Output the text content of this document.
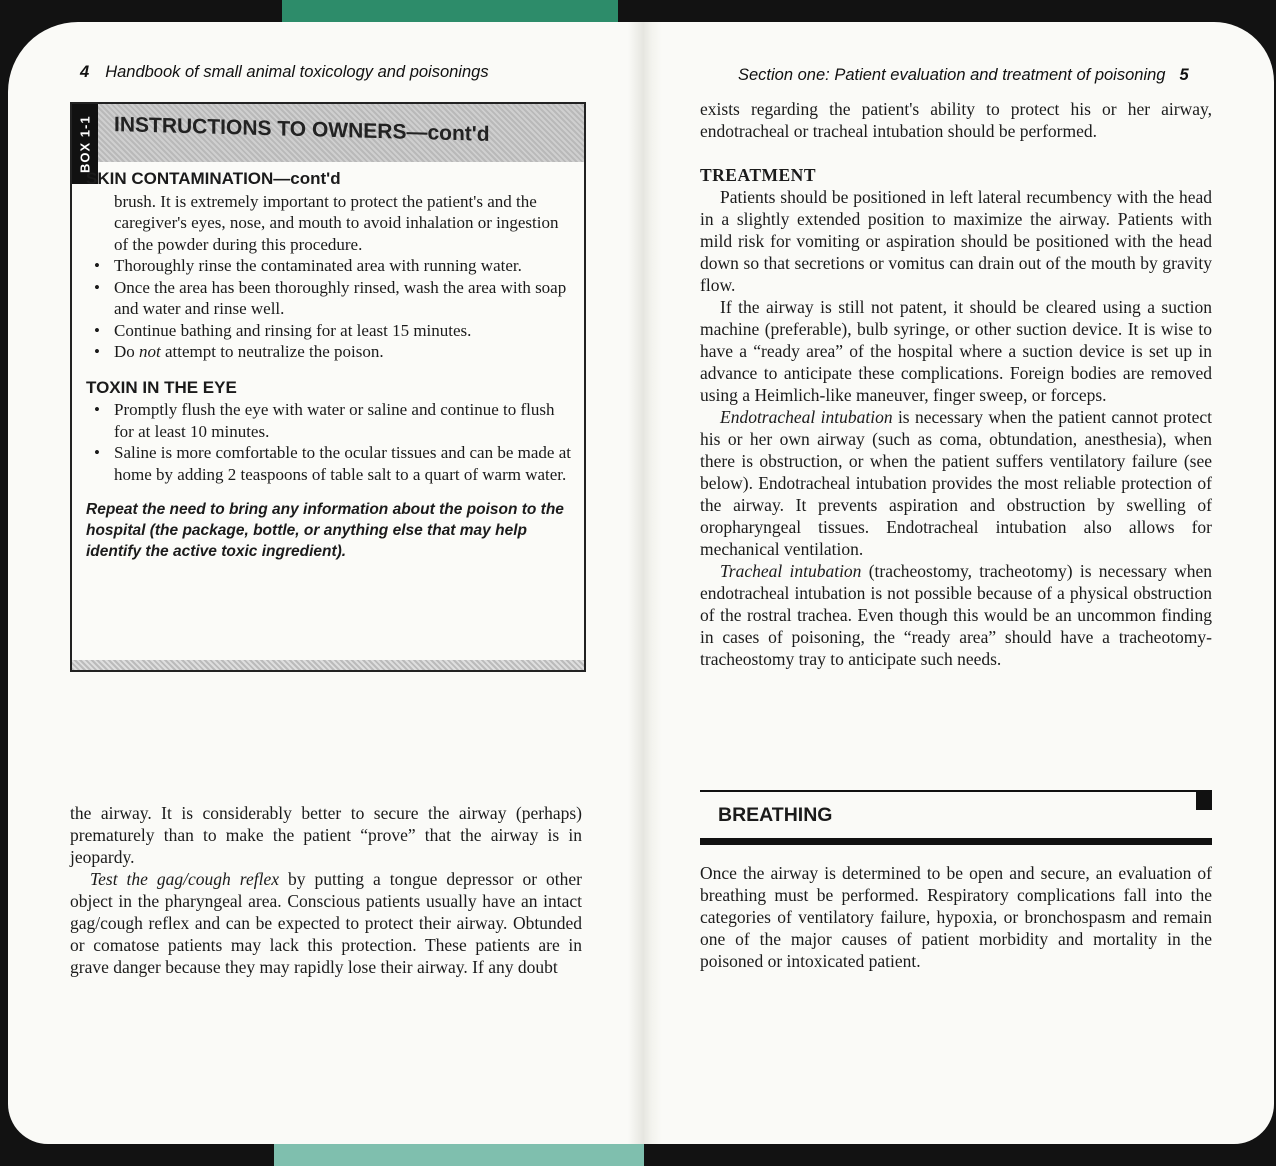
4 Handbook of small animal toxicology and poisonings
INSTRUCTIONS TO OWNERS—cont'd
BOX 1-1
SKIN CONTAMINATION—cont'd

brush. It is extremely important to protect the patient's and the caregiver's eyes, nose, and mouth to avoid inhalation or ingestion of the powder during this procedure.

• Thoroughly rinse the contaminated area with running water.
• Once the area has been thoroughly rinsed, wash the area with soap and water and rinse well.
• Continue bathing and rinsing for at least 15 minutes.
• Do not attempt to neutralize the poison.
TOXIN IN THE EYE
• Promptly flush the eye with water or saline and continue to flush for at least 10 minutes.
• Saline is more comfortable to the ocular tissues and can be made at home by adding 2 teaspoons of table salt to a quart of warm water.

Repeat the need to bring any information about the poison to the hospital (the package, bottle, or anything else that may help identify the active toxic ingredient).

the airway. It is considerably better to secure the airway (perhaps) prematurely than to make the patient “prove” that the airway is in jeopardy.

Test the gag/cough reflex by putting a tongue depressor or other object in the pharyngeal area. Conscious patients usually have an intact gag/cough reflex and can be expected to protect their airway. Obtunded or comatose patients may lack this protection. These patients are in grave danger because they may rapidly lose their airway. If any doubt

Section one: Patient evaluation and treatment of poisoning 5

exists regarding the patient's ability to protect his or her airway, endotracheal or tracheal intubation should be performed.

TREATMENT

Patients should be positioned in left lateral recumbency with the head in a slightly extended position to maximize the airway. Patients with mild risk for vomiting or aspiration should be positioned with the head down so that secretions or vomitus can drain out of the mouth by gravity flow.

If the airway is still not patent, it should be cleared using a suction machine (preferable), bulb syringe, or other suction device. It is wise to have a “ready area” of the hospital where a suction device is set up in advance to anticipate these complications. Foreign bodies are removed using a Heimlich-like maneuver, finger sweep, or forceps.

Endotracheal intubation is necessary when the patient cannot protect his or her own airway (such as coma, obtundation, anesthesia), when there is obstruction, or when the patient suffers ventilatory failure (see below). Endotracheal intubation provides the most reliable protection of the airway. It prevents aspiration and obstruction by swelling of oropharyngeal tissues. Endotracheal intubation also allows for mechanical ventilation.

Tracheal intubation (tracheostomy, tracheotomy) is necessary when endotracheal intubation is not possible because of a physical obstruction of the rostral trachea. Even though this would be an uncommon finding in cases of poisoning, the “ready area” should have a tracheotomy-tracheostomy tray to anticipate such needs.

BREATHING

Once the airway is determined to be open and secure, an evaluation of breathing must be performed. Respiratory complications fall into the categories of ventilatory failure, hypoxia, or bronchospasm and remain one of the major causes of patient morbidity and mortality in the poisoned or intoxicated patient.
